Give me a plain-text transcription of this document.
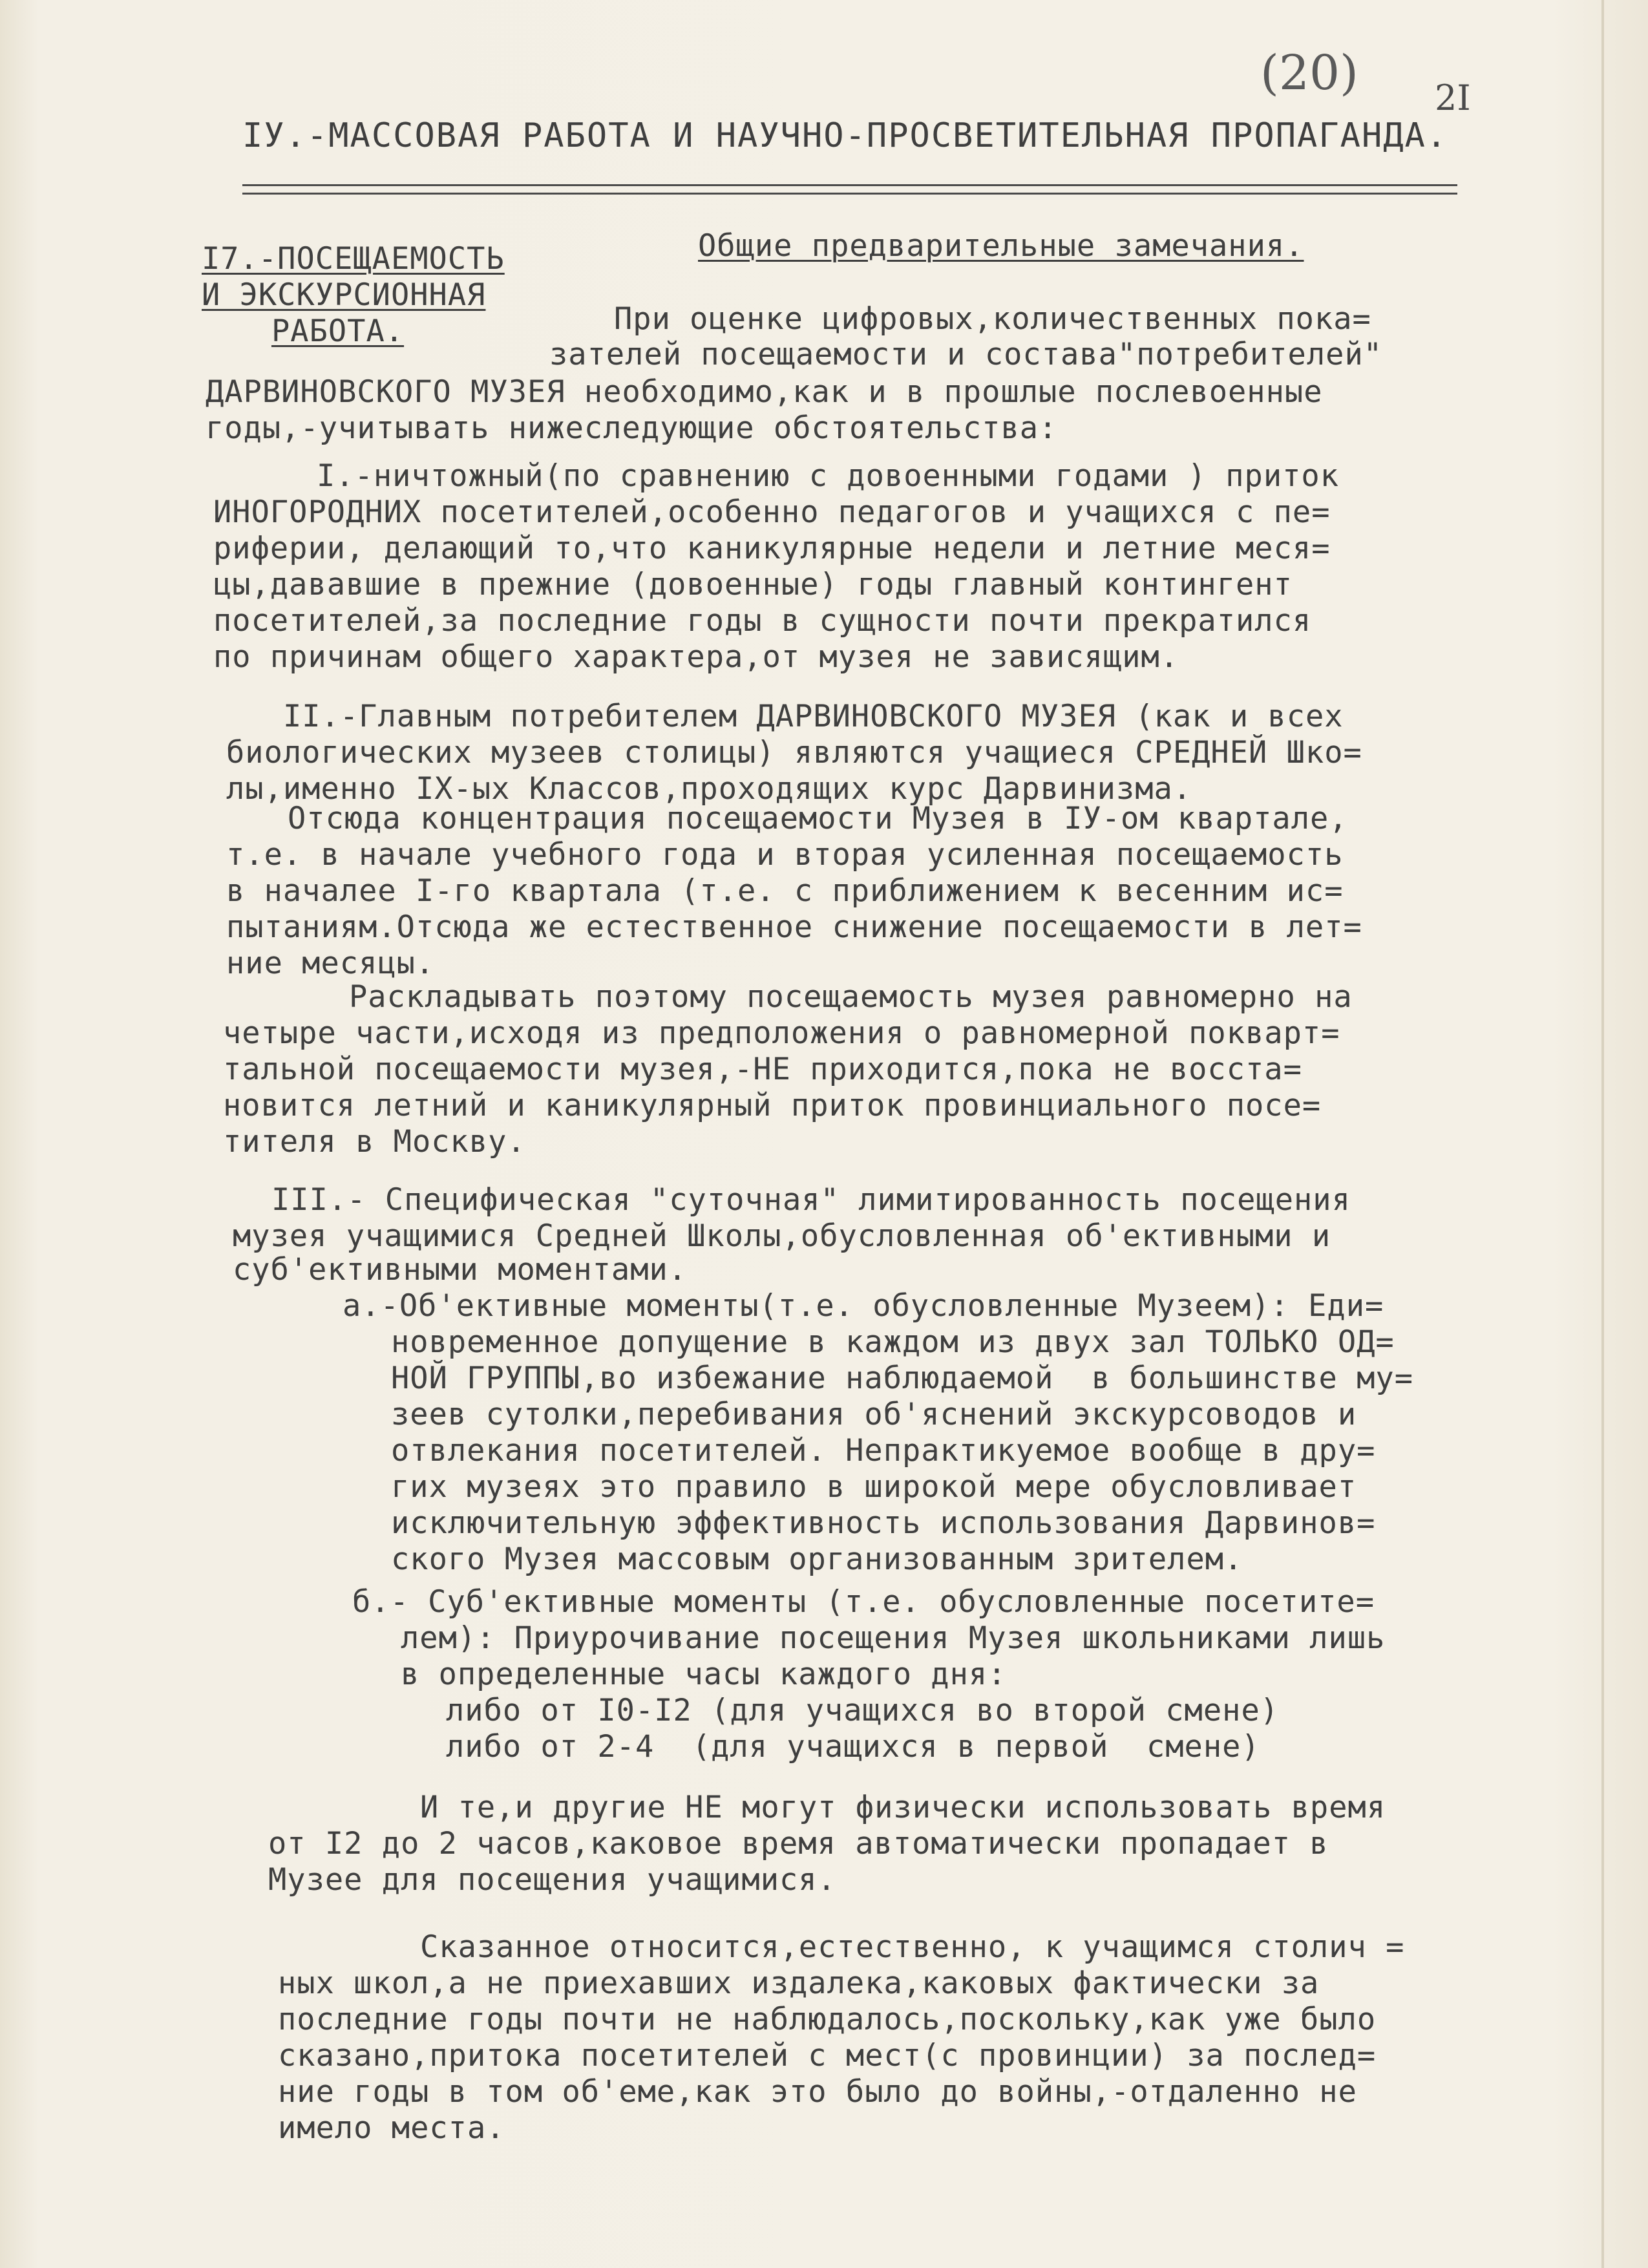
(20) 2I
IУ.-МАССОВАЯ РАБОТА И НАУЧНО-ПРОСВЕТИТЕЛЬНАЯ ПРОПАГАНДА.
I7.-ПОСЕЩАЕМОСТЬ
И ЭКСКУРСИОННАЯ
РАБОТА.
Общие предварительные замечания.
При оценке цифровых,количественных пока=
зателей посещаемости и состава"потребителей"
ДАРВИНОВСКОГО МУЗЕЯ необходимо,как и в прошлые послевоенные
годы,-учитывать нижеследующие обстоятельства:
I.-ничтожный(по сравнению с довоенными годами ) приток
ИНОГОРОДНИХ посетителей,особенно педагогов и учащихся с пе=
риферии, делающий то,что каникулярные недели и летние меся=
цы,дававшие в прежние (довоенные) годы главный контингент
посетителей,за последние годы в сущности почти прекратился
по причинам общего характера,от музея не зависящим.
II.-Главным потребителем ДАРВИНОВСКОГО МУЗЕЯ (как и всех
биологических музеев столицы) являются учащиеся СРЕДНЕЙ Шко=
лы,именно IX-ых Классов,проходящих курс Дарвинизма.
Отсюда концентрация посещаемости Музея в IУ-ом квартале,
т.е. в начале учебного года и вторая усиленная посещаемость
в началее I-го квартала (т.е. с приближением к весенним ис=
пытаниям.Отсюда же естественное снижение посещаемости в лет=
ние месяцы.
Раскладывать поэтому посещаемость музея равномерно на
четыре части,исходя из предположения о равномерной покварт=
тальной посещаемости музея,-НЕ приходится,пока не восста=
новится летний и каникулярный приток провинциального посе=
тителя в Москву.
III.- Специфическая "суточная" лимитированность посещения
музея учащимися Средней Школы,обусловленная об'ективными и
суб'ективными моментами.
а.-Об'ективные моменты(т.е. обусловленные Музеем): Еди=
новременное допущение в каждом из двух зал ТОЛЬКО ОД=
НОЙ ГРУППЫ,во избежание наблюдаемой  в большинстве му=
зеев сутолки,перебивания об'яснений экскурсоводов и
отвлекания посетителей. Непрактикуемое вообще в дру=
гих музеях это правило в широкой мере обусловливает
исключительную эффективность использования Дарвинов=
ского Музея массовым организованным зрителем.
б.- Суб'ективные моменты (т.е. обусловленные посетите=
лем): Приурочивание посещения Музея школьниками лишь
в определенные часы каждого дня:
либо от I0-I2 (для учащихся во второй смене)
либо от 2-4  (для учащихся в первой  смене)
И те,и другие НЕ могут физически использовать время
от I2 до 2 часов,каковое время автоматически пропадает в
Музее для посещения учащимися.
Сказанное относится,естественно, к учащимся столич =
ных школ,а не приехавших издалека,каковых фактически за
последние годы почти не наблюдалось,поскольку,как уже было
сказано,притока посетителей с мест(с провинции) за послед=
ние годы в том об'еме,как это было до войны,-отдаленно не
имело места.
